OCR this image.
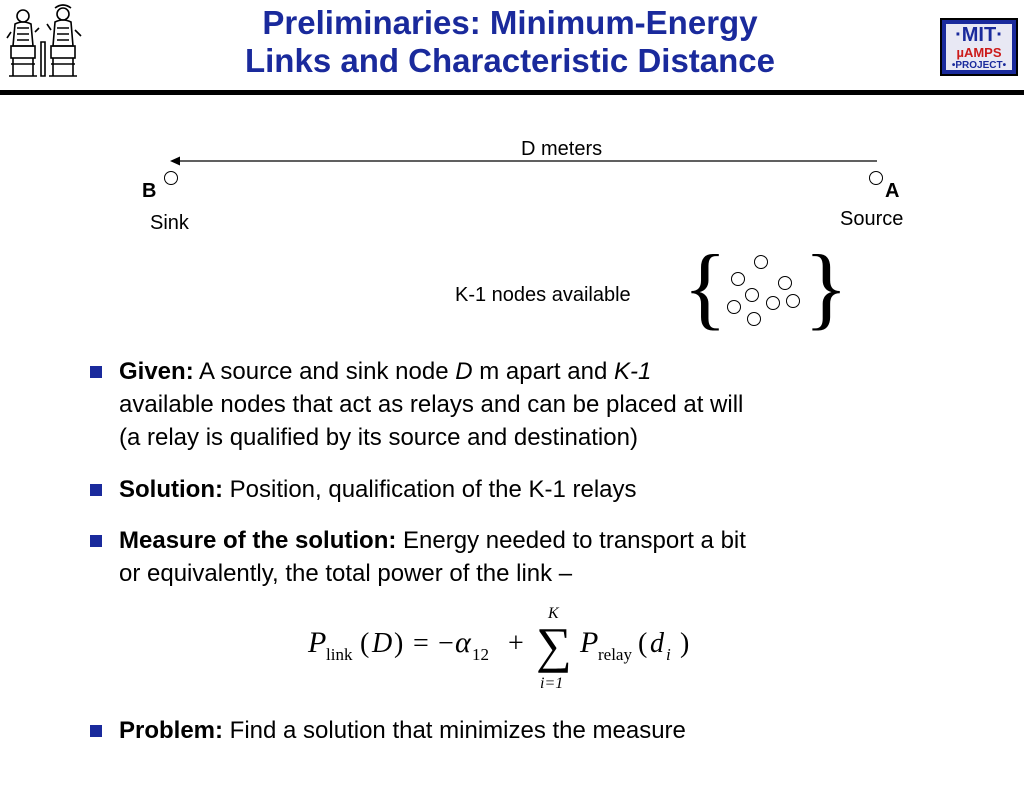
Preliminaries: Minimum-Energy
Links and Characteristic Distance
·MIT·
µAMPS
•PROJECT•
{ }
D meters
B	A
Sink	Source
K-1 nodes available
Given: A source and sink node D m apart and K-1
available nodes that act as relays and can be placed at will
(a relay is qualified by its source and destination)
Solution: Position, qualification of the K-1 relays
Measure of the solution: Energy needed to transport a bit
or equivalently, the total power of the link –
Problem: Find a solution that minimizes the measure
P link ( D ) = − α 12 + ∑
K
i=1
P relay ( d i )
